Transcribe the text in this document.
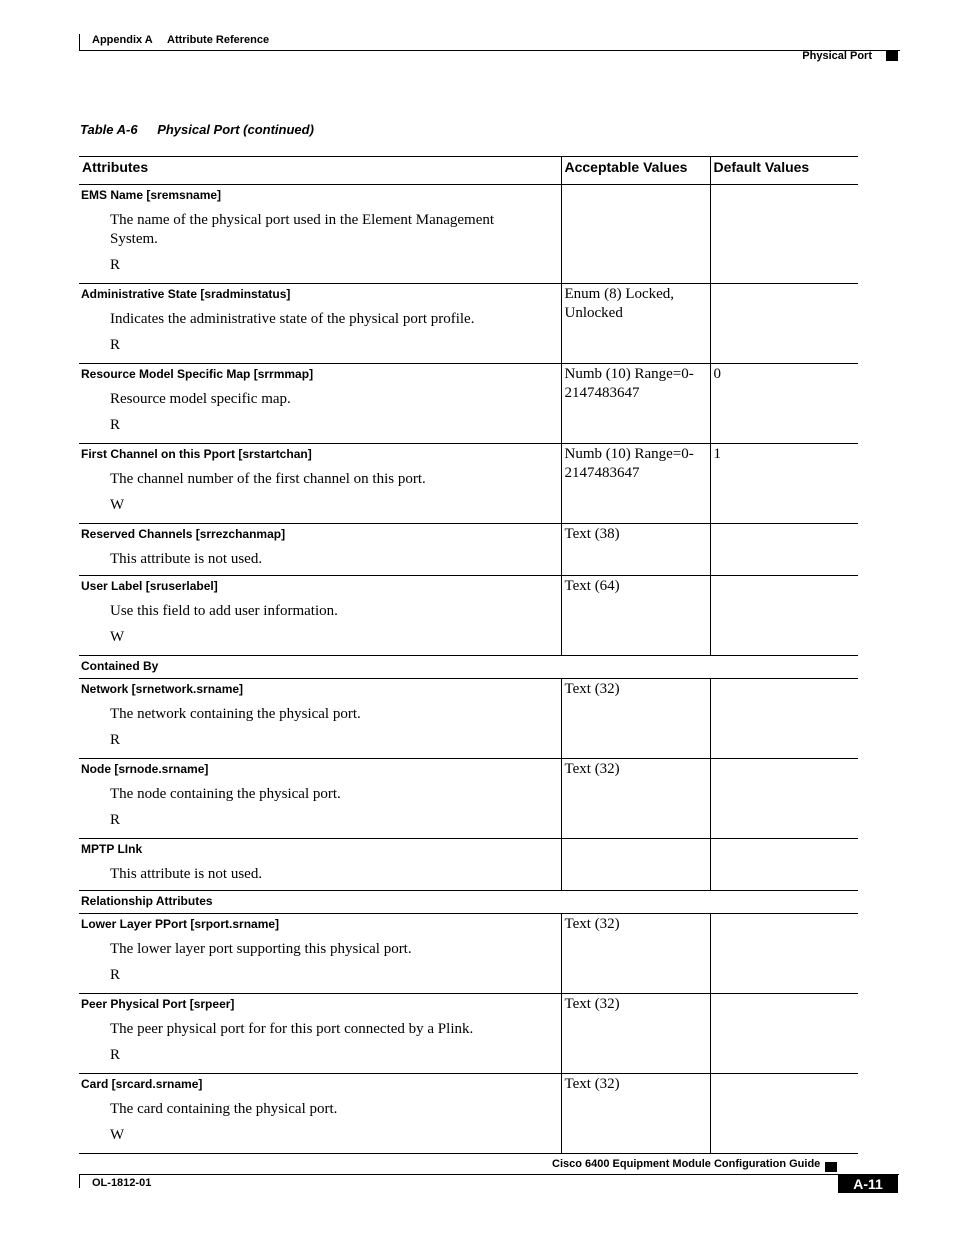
Appendix A Attribute Reference
Physical Port
Table A-6 Physical Port (continued)
Attributes	Acceptable Values	Default Values

EMS Name [sremsname]
The name of the physical port used in the Element Management System.
R		

Administrative State [sradminstatus]
Indicates the administrative state of the physical port profile.
R	Enum (8) Locked, Unlocked	

Resource Model Specific Map [srrmmap]
Resource model specific map.
R	Numb (10) Range=0-2147483647	0

First Channel on this Pport [srstartchan]
The channel number of the first channel on this port.
W	Numb (10) Range=0-2147483647	1

Reserved Channels [srrezchanmap]
This attribute is not used.	Text (38)	

User Label [sruserlabel]
Use this field to add user information.
W	Text (64)	
Contained By		

Network [srnetwork.srname]
The network containing the physical port.
R	Text (32)	

Node [srnode.srname]
The node containing the physical port.
R	Text (32)	

MPTP LInk
This attribute is not used.		

Relationship Attributes		

Lower Layer PPort [srport.srname]
The lower layer port supporting this physical port.
R	Text (32)	

Peer Physical Port [srpeer]
The peer physical port for for this port connected by a Plink.
R	Text (32)	

Card [srcard.srname]
The card containing the physical port.
W	Text (32)	
Cisco 6400 Equipment Module Configuration Guide
OL-1812-01	A-11
